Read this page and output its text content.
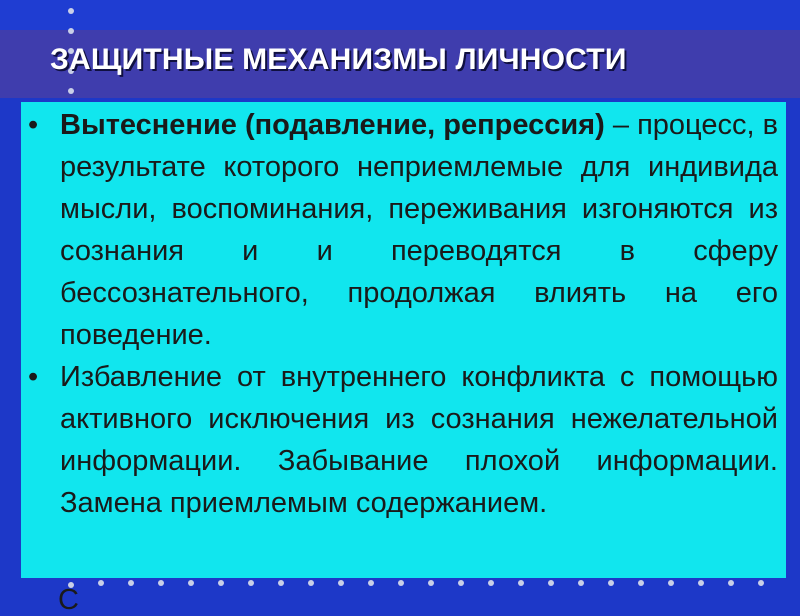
ЗАЩИТНЫЕ МЕХАНИЗМЫ ЛИЧНОСТИ
• Вытеснение (подавление, репрессия) – процесс, в результате которого неприемлемые для индивида мысли, воспоминания, переживания изгоняются из сознания и и переводятся в сферу бессознательного, продолжая влиять на его поведение.
• Избавление от внутреннего конфликта с помощью активного исключения из сознания нежелательной информации. Забывание плохой информации. Замена приемлемым содержанием.
С
